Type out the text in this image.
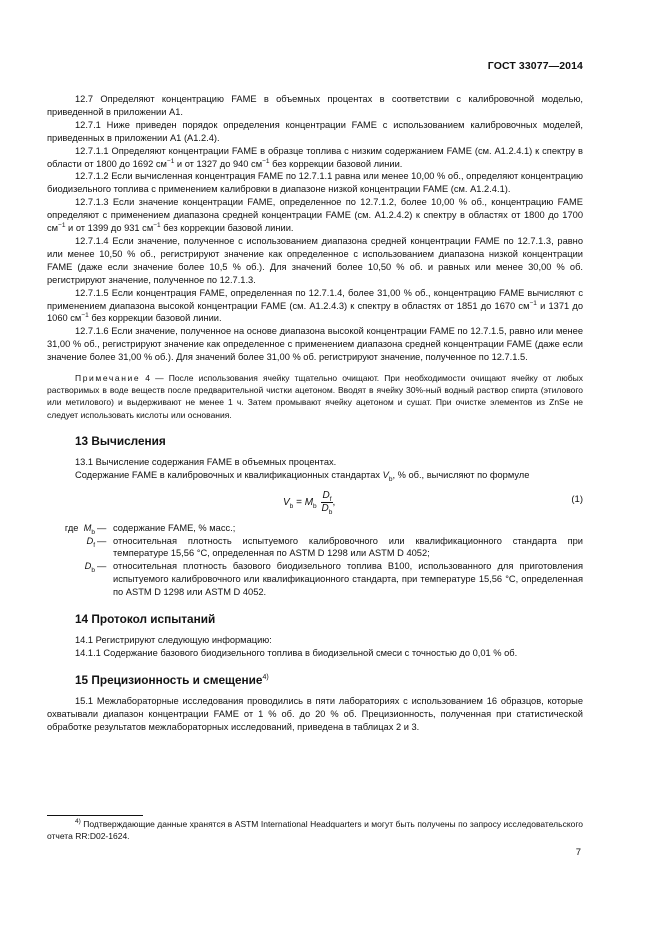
ГОСТ 33077—2014

12.7 Определяют концентрацию FAME в объемных процентах в соответствии с калибровочной моделью, приведенной в приложении А1.

12.7.1 Ниже приведен порядок определения концентрации FAME с использованием калибровочных моделей, приведенных в приложении А1 (А1.2.4).

12.7.1.1 Определяют концентрации FAME в образце топлива с низким содержанием FAME (см. А1.2.4.1) к спектру в области от 1800 до 1692 $см^{-1}$ и от 1327 до 940 $см^{-1}$ без коррекции базовой линии.

12.7.1.2 Если вычисленная концентрация FAME по 12.7.1.1 равна или менее 10,00 % об., определяют концентрацию биодизельного топлива с применением калибровки в диапазоне низкой концентрации FAME (см. А1.2.4.1).

12.7.1.3 Если значение концентрации FAME, определенное по 12.7.1.2, более 10,00 % об., концентрацию FAME определяют с применением диапазона средней концентрации FAME (см. А1.2.4.2) к спектру в областях от 1800 до 1700 $см^{-1}$ и от 1399 до 931 $см^{-1}$ без коррекции базовой линии.

12.7.1.4 Если значение, полученное с использованием диапазона средней концентрации FAME по 12.7.1.3, равно или менее 10,50 % об., регистрируют значение как определенное с использованием диапазона низкой концентрации FAME (даже если значение более 10,5 % об.). Для значений более 10,50 % об. и равных или менее 30,00 % об. регистрируют значение, полученное по 12.7.1.3.

12.7.1.5 Если концентрация FAME, определенная по 12.7.1.4, более 31,00 % об., концентрацию FAME вычисляют с применением диапазона высокой концентрации FAME (см. А1.2.4.3) к спектру в областях от 1851 до 1670 $см^{-1}$ и 1371 до 1060 $см^{-1}$ без коррекции базовой линии.

12.7.1.6 Если значение, полученное на основе диапазона высокой концентрации FAME по 12.7.1.5, равно или менее 31,00 % об., регистрируют значение как определенное с применением диапазона средней концентрации FAME (даже если значение более 31,00 % об.). Для значений более 31,00 % об. регистрируют значение, полученное по 12.7.1.5.

Примечание 4 — После использования ячейку тщательно очищают. При необходимости очищают ячейку от любых растворимых в воде веществ после предварительной чистки ацетоном. Вводят в ячейку 30%-ный водный раствор спирта (этилового или метилового) и выдерживают не менее 1 ч. Затем промывают ячейку ацетоном и сушат. При очистке элементов из ZnSe не следует использовать кислоты или основания.

13 Вычисления

13.1 Вычисление содержания FAME в объемных процентах.

Содержание FAME в калибровочных и квалификационных стандартах $V_b$, % об., вычисляют по формуле

$V_b = M_b \frac{D_f}{D_b}$ ,	(1)
где $M_b$ — содержание FAME, % масс.;
$D_f$ — относительная плотность испытуемого калибровочного или квалификационного стандарта при температуре 15,56 °С, определенная по ASTM D 1298 или ASTM D 4052;
$D_b$ — относительная плотность базового биодизельного топлива В100, использованного для приготовления испытуемого калибровочного или квалификационного стандарта, при температуре 15,56 °С, определенная по ASTM D 1298 или ASTM D 4052.
14 Протокол испытаний

14.1 Регистрируют следующую информацию:

14.1.1 Содержание базового биодизельного топлива в биодизельной смеси с точностью до 0,01 % об.

15 Прецизионность и смещение$^{4)}$

15.1 Межлабораторные исследования проводились в пяти лабораториях с использованием 16 образцов, которые охватывали диапазон концентрации FAME от 1 % об. до 20 % об. Прецизионность, полученная при статистической обработке результатов межлабораторных исследований, приведена в таблицах 2 и 3.

$^{4)}$ Подтверждающие данные хранятся в ASTM International Headquarters и могут быть получены по запросу исследовательского отчета RR:D02-1624.

7
